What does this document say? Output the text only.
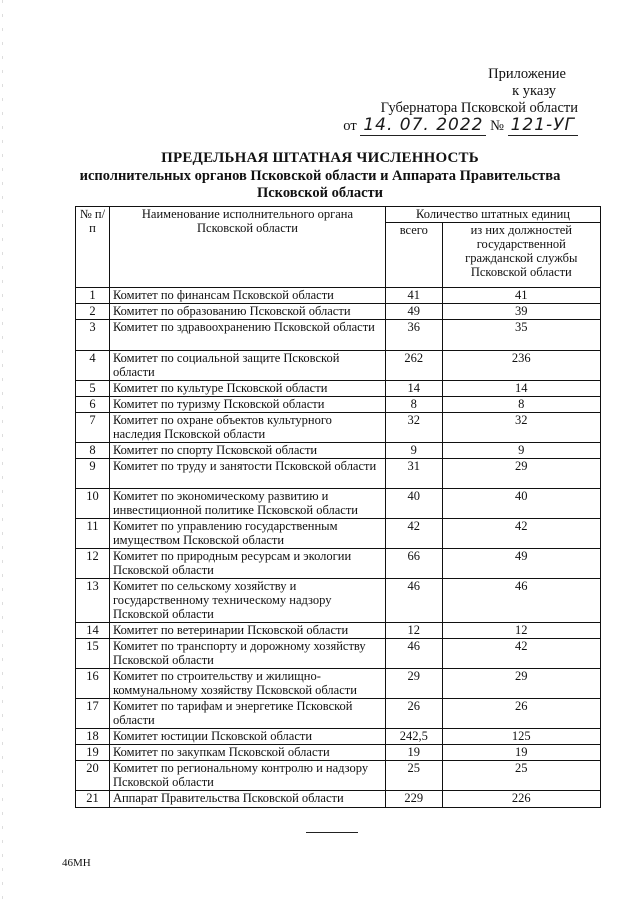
Приложение
к указу
Губернатора Псковской области
от 14. 07. 2022 № 121-УГ
ПРЕДЕЛЬНАЯ ШТАТНАЯ ЧИСЛЕННОСТЬ
исполнительных органов Псковской области и Аппарата Правительства
Псковской области
№ п/п	Наименование исполнительного органа Псковской области	Количество штатных единиц	
		всего	из них должностей государственной гражданской службы Псковской области
1	Комитет по финансам Псковской области	41	41
2	Комитет по образованию Псковской области	49	39
3	Комитет по здравоохранению Псковской области	36	35
4	Комитет по социальной защите Псковской области	262	236
5	Комитет по культуре Псковской области	14	14
6	Комитет по туризму Псковской области	8	8
7	Комитет по охране объектов культурного наследия Псковской области	32	32
8	Комитет по спорту Псковской области	9	9
9	Комитет по труду и занятости Псковской области	31	29
10	Комитет по экономическому развитию и инвестиционной политике Псковской области	40	40
11	Комитет по управлению государственным имуществом Псковской области	42	42
12	Комитет по природным ресурсам и экологии Псковской области	66	49
13	Комитет по сельскому хозяйству и государственному техническому надзору Псковской области	46	46
14	Комитет по ветеринарии Псковской области	12	12
15	Комитет по транспорту и дорожному хозяйству Псковской области	46	42
16	Комитет по строительству и жилищно-коммунальному хозяйству Псковской области	29	29
17	Комитет по тарифам и энергетике Псковской области	26	26
18	Комитет юстиции Псковской области	242,5	125
19	Комитет по закупкам Псковской области	19	19
20	Комитет по региональному контролю и надзору Псковской области	25	25
21	Аппарат Правительства Псковской области	229	226
46МН
